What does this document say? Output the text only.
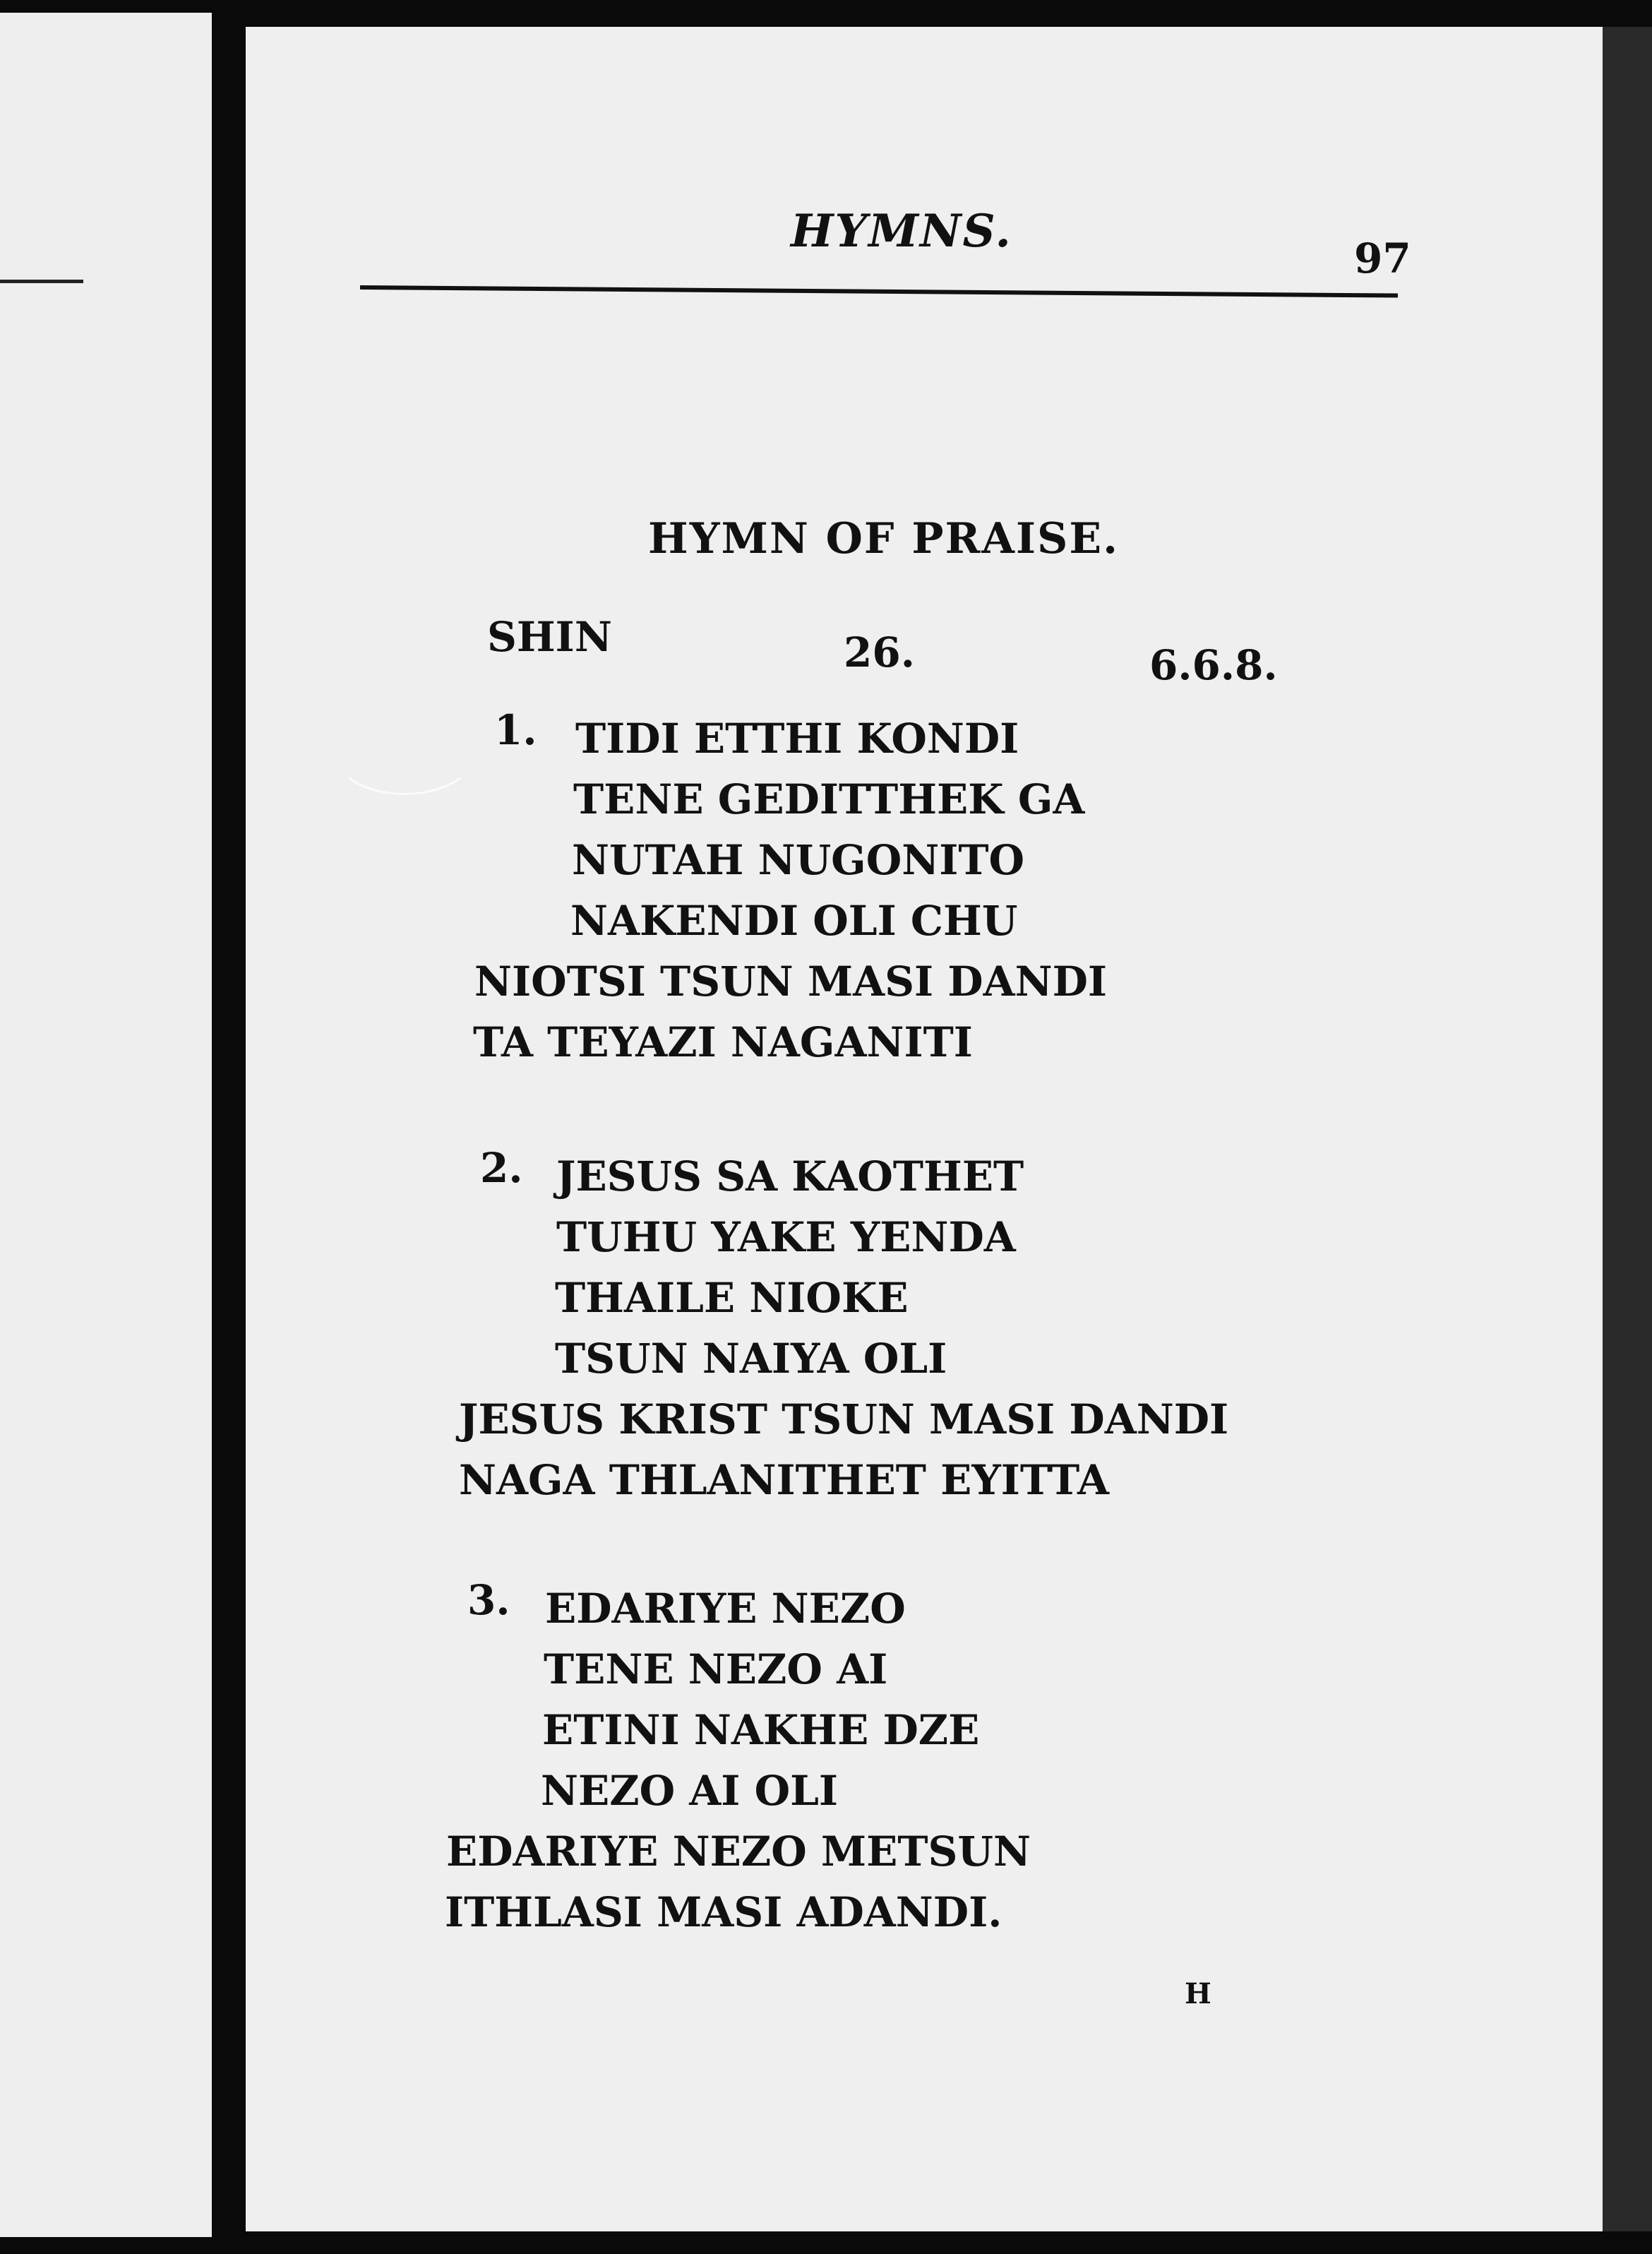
HYMNS.
97
HYMN OF PRAISE.
SHIN	26.	6.6.8.
1. TIDI ETTHI KONDI
TENE GEDITTHEK GA
NUTAH NUGONITO
NAKENDI OLI CHU
NIOTSI TSUN MASI DANDI
TA TEYAZI NAGANITI
2. JESUS SA KAOTHET
TUHU YAKE YENDA
THAILE NIOKE
TSUN NAIYA OLI
JESUS KRIST TSUN MASI DANDI
NAGA THLANITHET EYITTA
3. EDARIYE NEZO
TENE NEZO AI
ETINI NAKHE DZE
NEZO AI OLI
EDARIYE NEZO METSUN
ITHLASI MASI ADANDI.
H
